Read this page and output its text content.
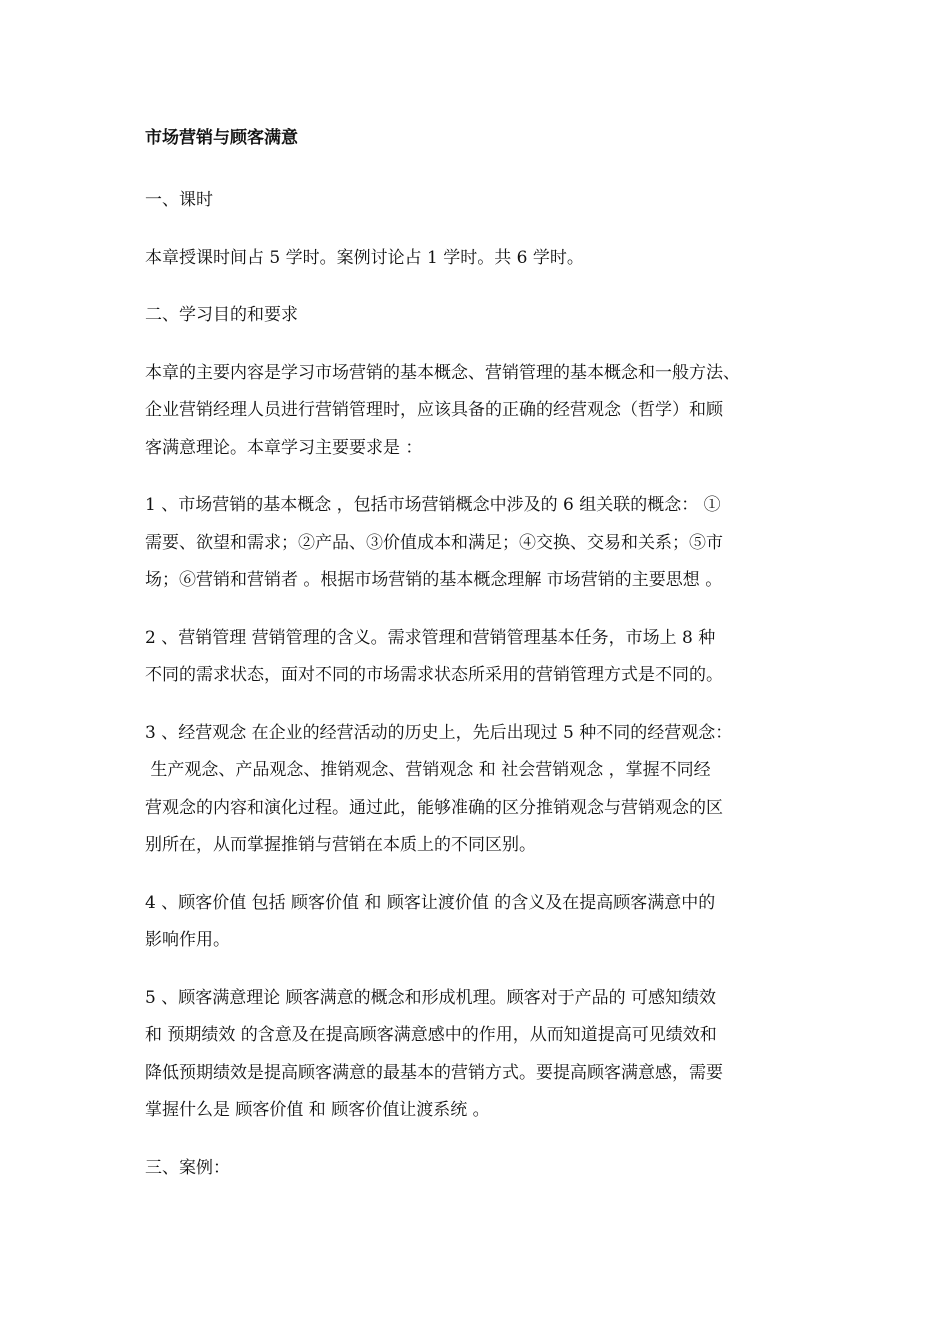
市场营销与顾客满意
一、课时
本章授课时间占 5 学时。案例讨论占 1 学时。共 6 学时。
二、学习目的和要求
本章的主要内容是学习市场营销的基本概念、营销管理的基本概念和一般方法、
企业营销经理人员进行营销管理时，应该具备的正确的经营观念（哲学）和顾
客满意理论。本章学习主要要求是 ：
1 、市场营销的基本概念 ，包括市场营销概念中涉及的 6 组关联的概念： ①
需要、欲望和需求；②产品、③价值成本和满足；④交换、交易和关系；⑤市
场；⑥营销和营销者 。根据市场营销的基本概念理解 市场营销的主要思想 。
2 、营销管理 营销管理的含义。需求管理和营销管理基本任务，市场上 8 种
不同的需求状态，面对不同的市场需求状态所采用的营销管理方式是不同的。
3 、经营观念 在企业的经营活动的历史上，先后出现过 5 种不同的经营观念：
生产观念、产品观念、推销观念、营销观念 和 社会营销观念 ，掌握不同经
营观念的内容和演化过程。通过此，能够准确的区分推销观念与营销观念的区
别所在，从而掌握推销与营销在本质上的不同区别。
4 、顾客价值 包括 顾客价值 和 顾客让渡价值 的含义及在提高顾客满意中的
影响作用。
5 、顾客满意理论 顾客满意的概念和形成机理。顾客对于产品的 可感知绩效
和 预期绩效 的含意及在提高顾客满意感中的作用，从而知道提高可见绩效和
降低预期绩效是提高顾客满意的最基本的营销方式。要提高顾客满意感，需要
掌握什么是 顾客价值 和 顾客价值让渡系统 。
三、案例：
